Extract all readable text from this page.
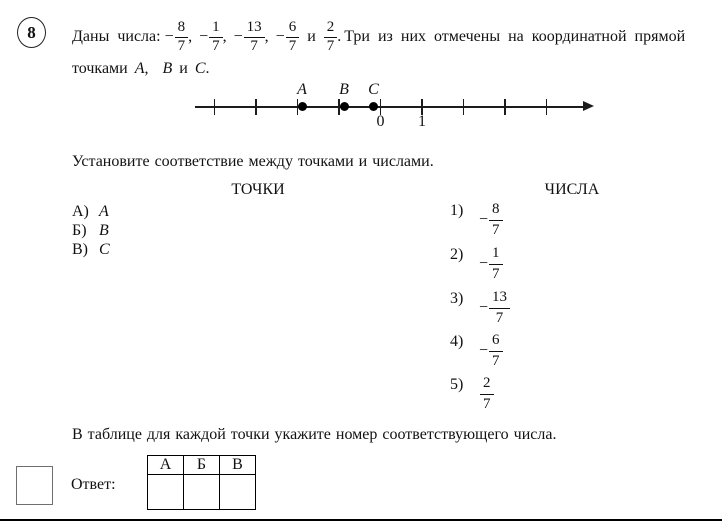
8 Даны числа: − $\frac{8}{7}$ , − $\frac{1}{7}$ , − $\frac{13}{7}$ , − $\frac{6}{7}$ и $\frac{2}{7}$ . Три из них отмечены на координатной прямой
точками A, B и C.
A B C
0 1
Установите соответствие между точками и числами.
ТОЧКИ	ЧИСЛА
А) A
Б) B
В) C
1)
− $\frac{8}{7}$
2)
− $\frac{1}{7}$
3)
− $\frac{13}{7}$
4)
− $\frac{6}{7}$
5)	$\frac{2}{7}$
В таблице для каждой точки укажите номер соответствующего числа.
Ответ:
А	Б	В
